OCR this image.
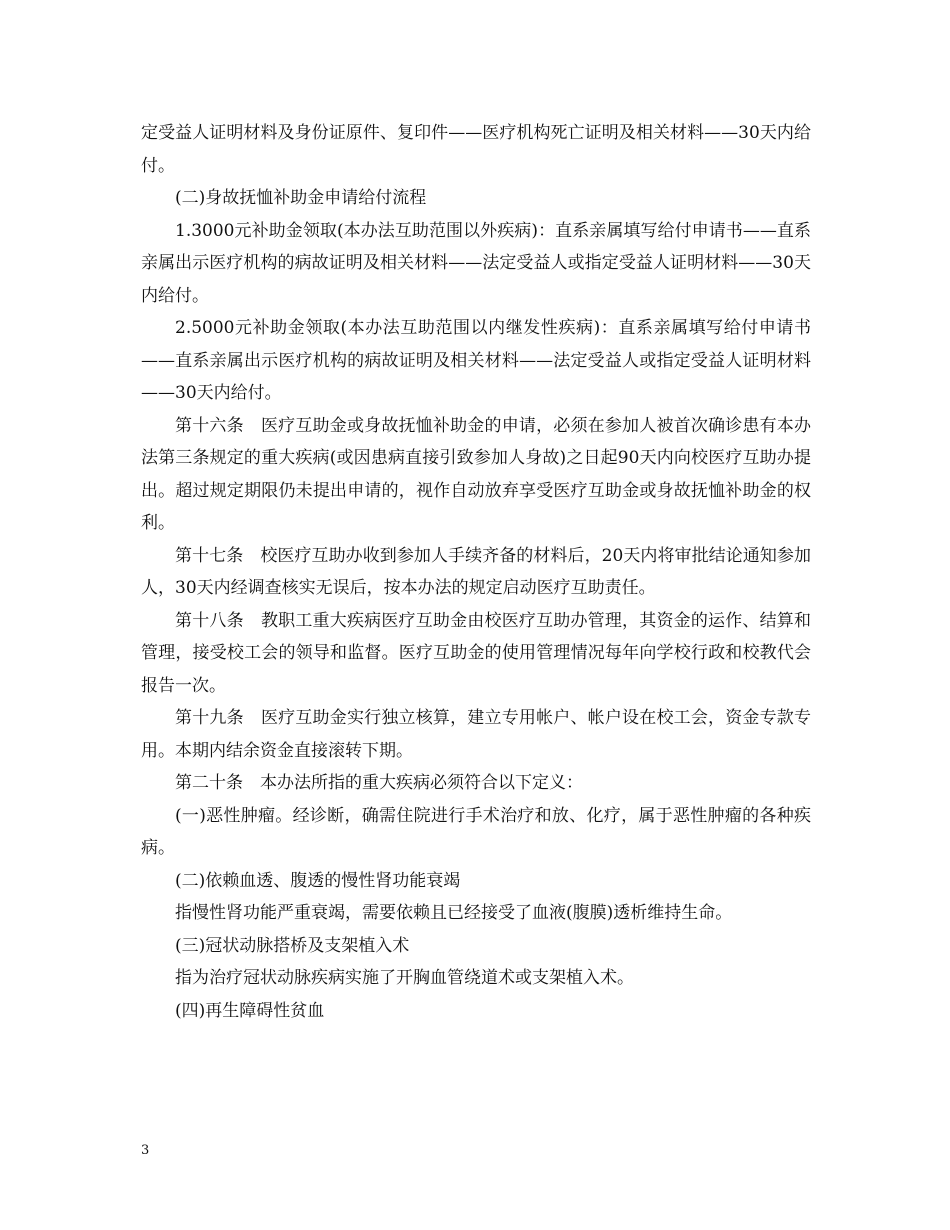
定受益人证明材料及身份证原件、复印件——医疗机构死亡证明及相关材料——30天内给付。

(二)身故抚恤补助金申请给付流程

1.3000元补助金领取(本办法互助范围以外疾病)：直系亲属填写给付申请书——直系亲属出示医疗机构的病故证明及相关材料——法定受益人或指定受益人证明材料——30天内给付。

2.5000元补助金领取(本办法互助范围以内继发性疾病)：直系亲属填写给付申请书——直系亲属出示医疗机构的病故证明及相关材料——法定受益人或指定受益人证明材料——30天内给付。

第十六条　医疗互助金或身故抚恤补助金的申请，必须在参加人被首次确诊患有本办法第三条规定的重大疾病(或因患病直接引致参加人身故)之日起90天内向校医疗互助办提出。超过规定期限仍未提出申请的，视作自动放弃享受医疗互助金或身故抚恤补助金的权利。

第十七条　校医疗互助办收到参加人手续齐备的材料后，20天内将审批结论通知参加人，30天内经调查核实无误后，按本办法的规定启动医疗互助责任。

第十八条　教职工重大疾病医疗互助金由校医疗互助办管理，其资金的运作、结算和管理，接受校工会的领导和监督。医疗互助金的使用管理情况每年向学校行政和校教代会报告一次。

第十九条　医疗互助金实行独立核算，建立专用帐户、帐户设在校工会，资金专款专用。本期内结余资金直接滚转下期。

第二十条　本办法所指的重大疾病必须符合以下定义：

(一)恶性肿瘤。经诊断，确需住院进行手术治疗和放、化疗，属于恶性肿瘤的各种疾病。

(二)依赖血透、腹透的慢性肾功能衰竭

指慢性肾功能严重衰竭，需要依赖且已经接受了血液(腹膜)透析维持生命。

(三)冠状动脉搭桥及支架植入术

指为治疗冠状动脉疾病实施了开胸血管绕道术或支架植入术。

(四)再生障碍性贫血

3
